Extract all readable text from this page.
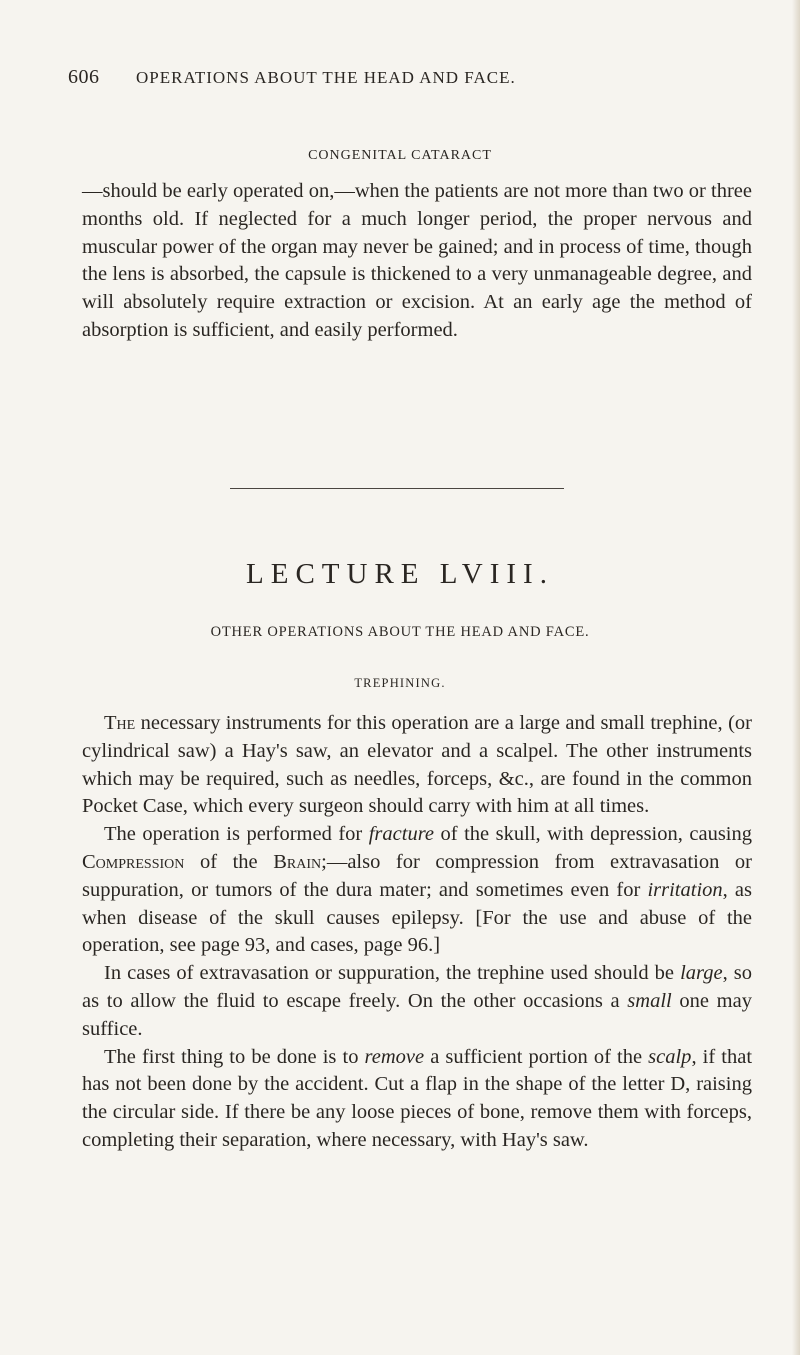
606 OPERATIONS ABOUT THE HEAD AND FACE.
CONGENITAL CATARACT

—should be early operated on,—when the patients are not more than two or three months old. If neglected for a much longer period, the proper nervous and muscular power of the organ may never be gained; and in process of time, though the lens is absorbed, the capsule is thickened to a very unmanageable degree, and will absolutely require extraction or excision. At an early age the method of absorption is sufficient, and easily performed.

LECTURE LVIII.
OTHER OPERATIONS ABOUT THE HEAD AND FACE.
TREPHINING.

The necessary instruments for this operation are a large and small trephine, (or cylindrical saw) a Hay's saw, an elevator and a scalpel. The other instruments which may be required, such as needles, forceps, &c., are found in the common Pocket Case, which every surgeon should carry with him at all times.

The operation is performed for fracture of the skull, with depression, causing Compression of the Brain;—also for compression from extravasation or suppuration, or tumors of the dura mater; and sometimes even for irritation, as when disease of the skull causes epilepsy. [For the use and abuse of the operation, see page 93, and cases, page 96.]

In cases of extravasation or suppuration, the trephine used should be large, so as to allow the fluid to escape freely. On the other occasions a small one may suffice.

The first thing to be done is to remove a sufficient portion of the scalp, if that has not been done by the accident. Cut a flap in the shape of the letter D, raising the circular side. If there be any loose pieces of bone, remove them with forceps, completing their separation, where necessary, with Hay's saw.
